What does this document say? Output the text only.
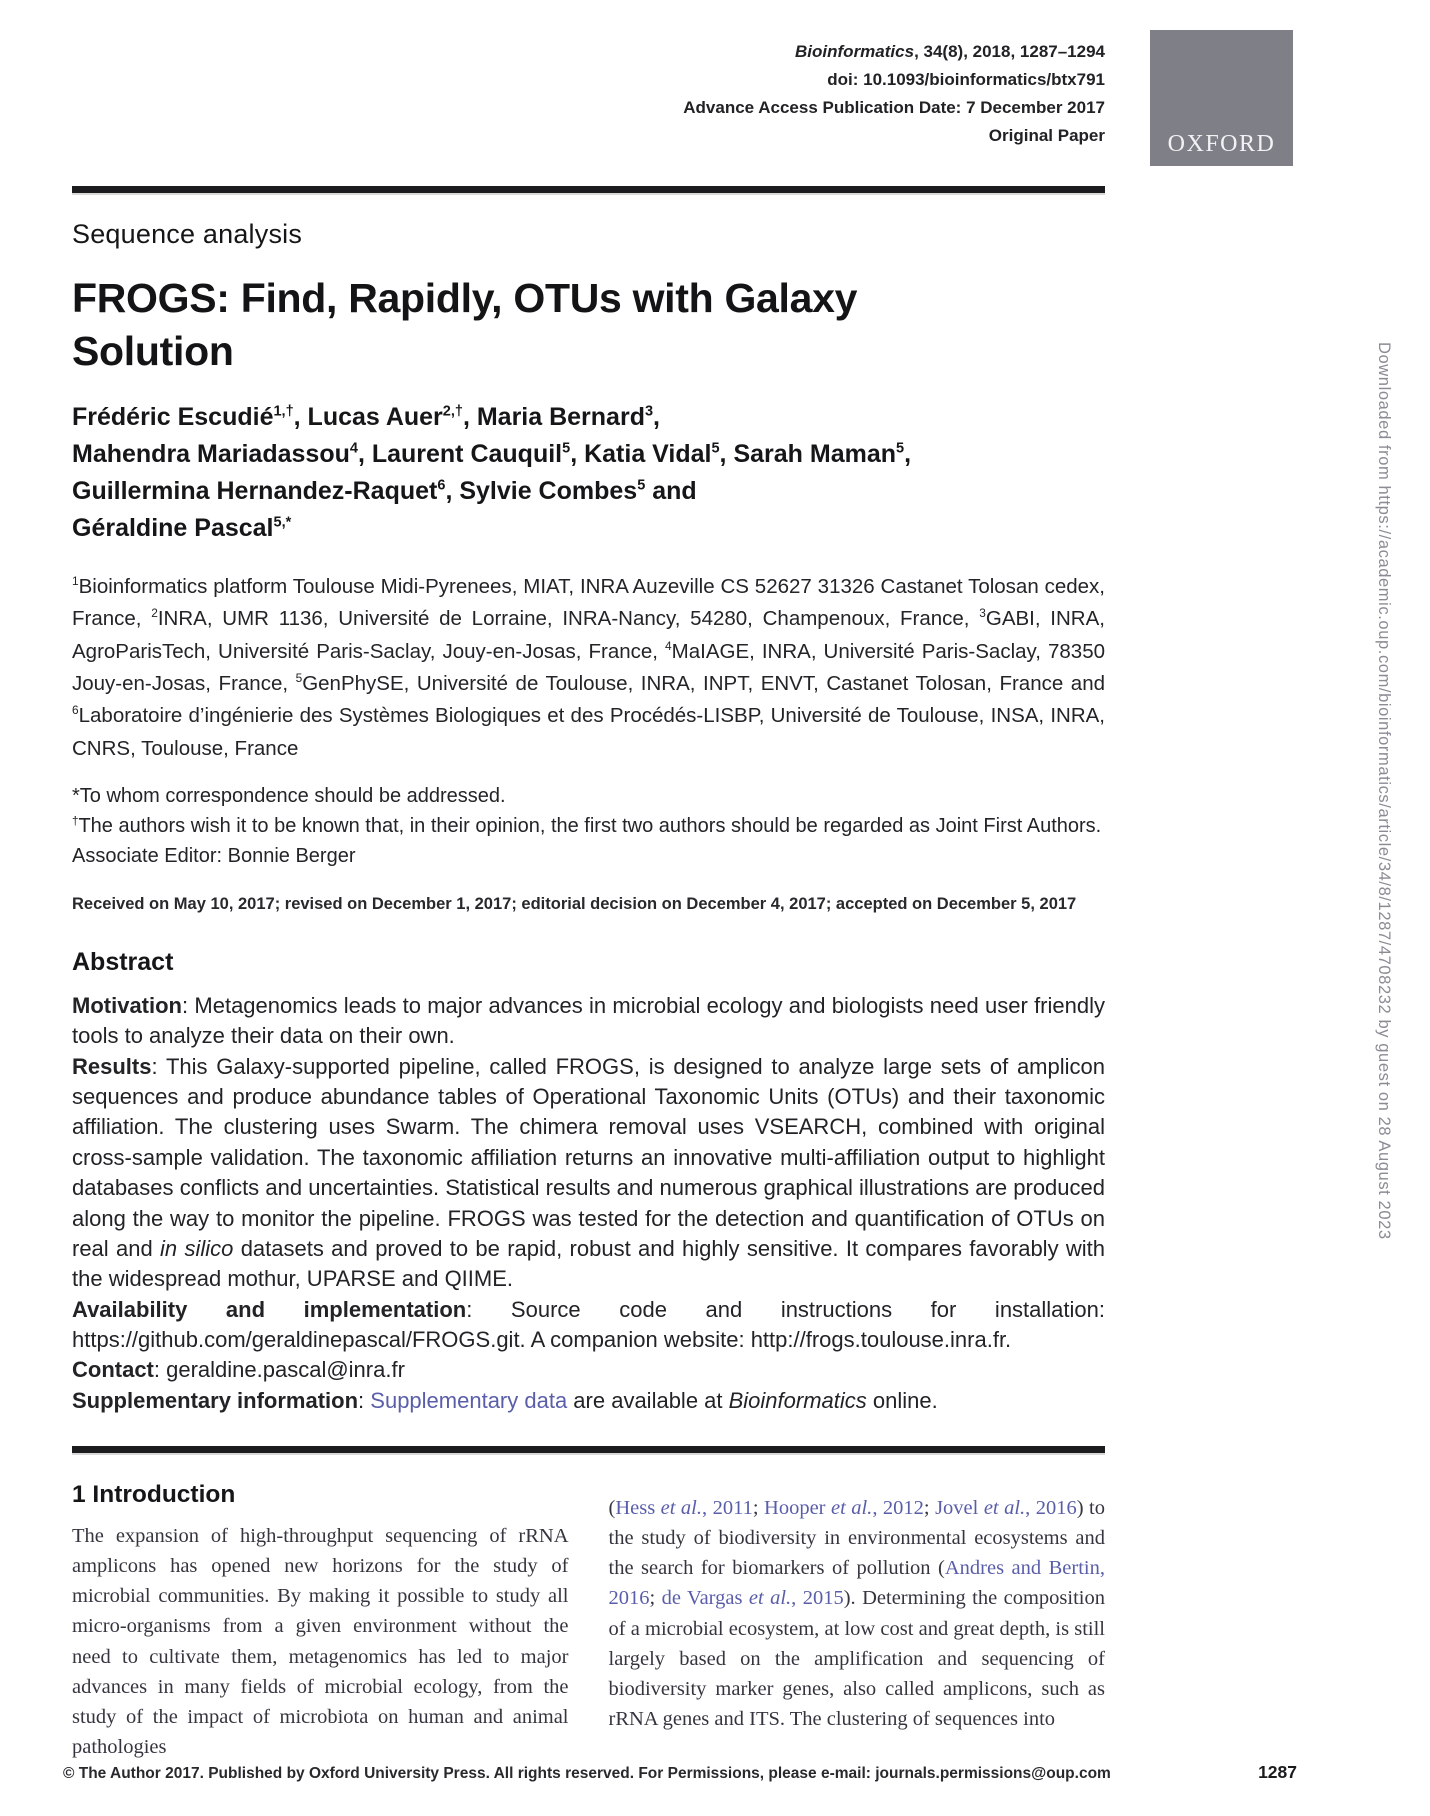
Downloaded from https://academic.oup.com/bioinformatics/article/34/8/1287/4708232 by guest on 28 August 2023
OXFORD
Bioinformatics, 34(8), 2018, 1287–1294
doi: 10.1093/bioinformatics/btx791
Advance Access Publication Date: 7 December 2017
Original Paper
Sequence analysis
FROGS: Find, Rapidly, OTUs with Galaxy
Solution
Frédéric Escudié$^{1,\dagger}$, Lucas Auer$^{2,\dagger}$, Maria Bernard$^3$,
Mahendra Mariadassou$^4$, Laurent Cauquil$^5$, Katia Vidal$^5$, Sarah Maman$^5$,
Guillermina Hernandez-Raquet$^6$, Sylvie Combes$^5$ and
Géraldine Pascal$^{5,*}$
$^1$Bioinformatics platform Toulouse Midi-Pyrenees, MIAT, INRA Auzeville CS 52627 31326 Castanet Tolosan cedex, France, $^2$INRA, UMR 1136, Université de Lorraine, INRA-Nancy, 54280, Champenoux, France, $^3$GABI, INRA, AgroParisTech, Université Paris-Saclay, Jouy-en-Josas, France, $^4$MaIAGE, INRA, Université Paris-Saclay, 78350 Jouy-en-Josas, France, $^5$GenPhySE, Université de Toulouse, INRA, INPT, ENVT, Castanet Tolosan, France and $^6$Laboratoire d’ingénierie des Systèmes Biologiques et des Procédés-LISBP, Université de Toulouse, INSA, INRA, CNRS, Toulouse, France
*To whom correspondence should be addressed.
†The authors wish it to be known that, in their opinion, the first two authors should be regarded as Joint First Authors.
Associate Editor: Bonnie Berger
Received on May 10, 2017; revised on December 1, 2017; editorial decision on December 4, 2017; accepted on December 5, 2017
Abstract

Motivation: Metagenomics leads to major advances in microbial ecology and biologists need user friendly tools to analyze their data on their own.

Results: This Galaxy-supported pipeline, called FROGS, is designed to analyze large sets of amplicon sequences and produce abundance tables of Operational Taxonomic Units (OTUs) and their taxonomic affiliation. The clustering uses Swarm. The chimera removal uses VSEARCH, combined with original cross-sample validation. The taxonomic affiliation returns an innovative multi-affiliation output to highlight databases conflicts and uncertainties. Statistical results and numerous graphical illustrations are produced along the way to monitor the pipeline. FROGS was tested for the detection and quantification of OTUs on real and in silico datasets and proved to be rapid, robust and highly sensitive. It compares favorably with the widespread mothur, UPARSE and QIIME.

Availability and implementation: Source code and instructions for installation: https://github.com/geraldinepascal/FROGS.git. A companion website: http://frogs.toulouse.inra.fr.

Contact: geraldine.pascal@inra.fr

Supplementary information: Supplementary data are available at Bioinformatics online.

1 Introduction
The expansion of high-throughput sequencing of rRNA amplicons has opened new horizons for the study of microbial communities. By making it possible to study all micro-organisms from a given environment without the need to cultivate them, metagenomics has led to major advances in many fields of microbial ecology, from the study of the impact of microbiota on human and animal pathologies
(Hess et al., 2011; Hooper et al., 2012; Jovel et al., 2016) to the study of biodiversity in environmental ecosystems and the search for biomarkers of pollution (Andres and Bertin, 2016; de Vargas et al., 2015). Determining the composition of a microbial ecosystem, at low cost and great depth, is still largely based on the amplification and sequencing of biodiversity marker genes, also called amplicons, such as rRNA genes and ITS. The clustering of sequences into
© The Author 2017. Published by Oxford University Press. All rights reserved. For Permissions, please e-mail: journals.permissions@oup.com	1287
